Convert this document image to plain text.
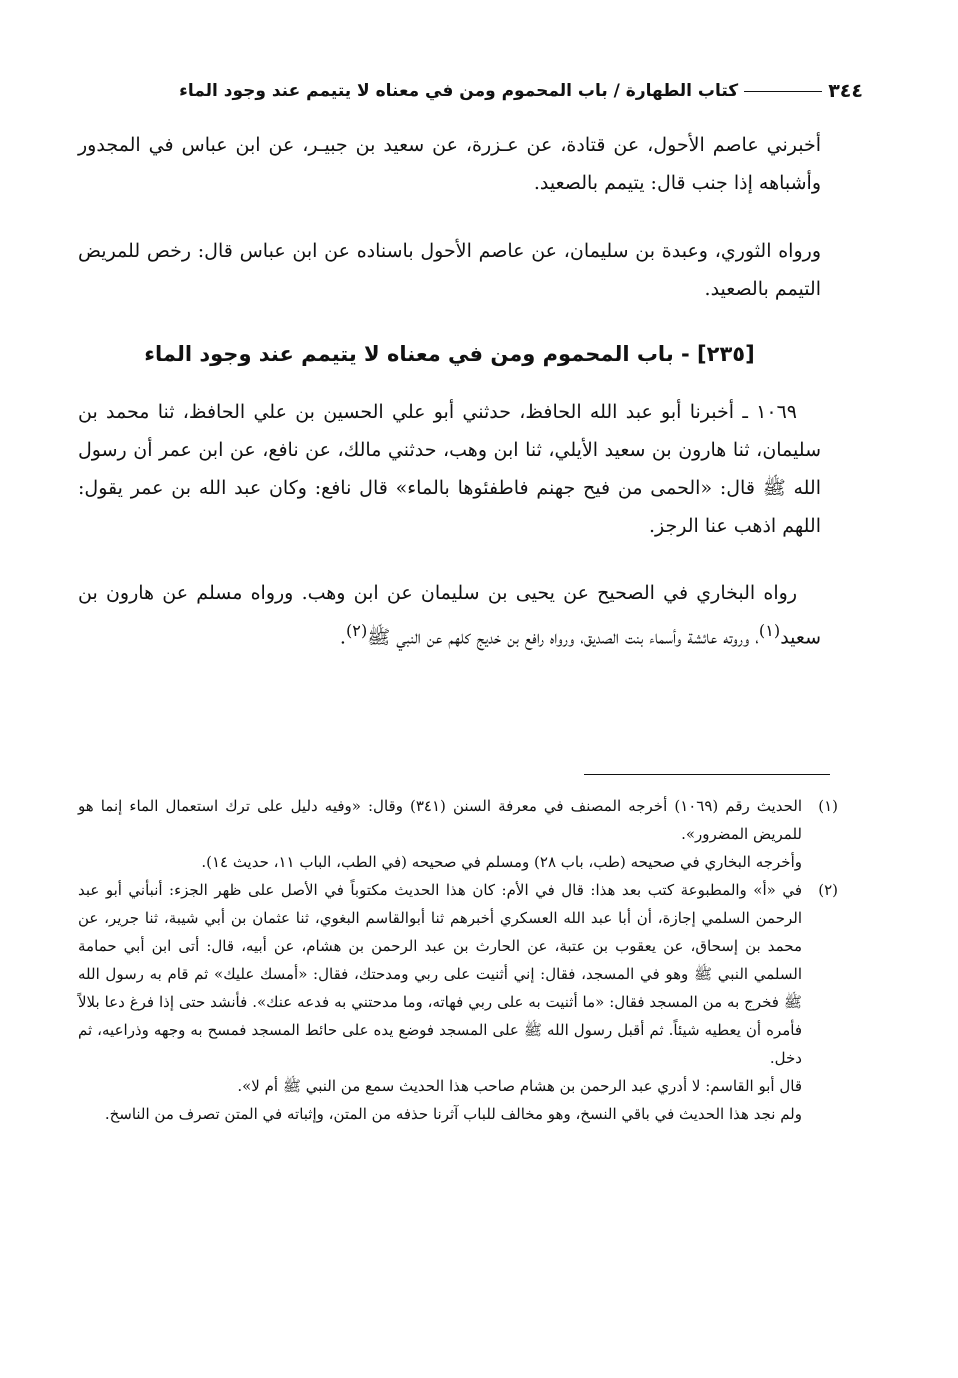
٣٤٤
كتاب الطهارة / باب المحموم ومن في معناه لا يتيمم عند وجود الماء

أخبرني عاصم الأحول، عن قتادة، عن عـزرة، عن سعيد بن جبيـر، عن ابن عباس في المجدور وأشباهه إذا جنب قال: يتيمم بالصعيد.

ورواه الثوري، وعبدة بن سليمان، عن عاصم الأحول باسناده عن ابن عباس قال: رخص للمريض التيمم بالصعيد.

[٢٣٥] - باب المحموم ومن في معناه لا يتيمم عند وجود الماء

١٠٦٩ ـ أخبرنا أبو عبد الله الحافظ، حدثني أبو علي الحسين بن علي الحافظ، ثنا محمد بن سليمان، ثنا هارون بن سعيد الأيلي، ثنا ابن وهب، حدثني مالك، عن نافع، عن ابن عمر أن رسول الله ﷺ قال: «الحمى من فيح جهنم فاطفئوها بالماء» قال نافع: وكان عبد الله بن عمر يقول: اللهم اذهب عنا الرجز.

رواه البخاري في الصحيح عن يحيى بن سليمان عن ابن وهب. ورواه مسلم عن هارون بن سعيد$^{(١)}$، وروته عائشة وأسماء بنت الصديق، ورواه رافع بن خديج كلهم عن النبي ﷺ$^{(٢)}$.

(١)
الحديث رقم (١٠٦٩) أخرجه المصنف في معرفة السنن (٣٤١) وقال: «وفيه دليل على ترك استعمال الماء إنما هو للمريض المضرور».

وأخرجه البخاري في صحيحه (طب، باب ٢٨) ومسلم في صحيحه (في الطب، الباب ١١، حديث ١٤).

(٢)
في «أ» والمطبوعة كتب بعد هذا: قال في الأم: كان هذا الحديث مكتوباً في الأصل على ظهر الجزء: أنبأني أبو عبد الرحمن السلمي إجازة، أن أبا عبد الله العسكري أخبرهم ثنا أبوالقاسم البغوي، ثنا عثمان بن أبي شيبة، ثنا جرير، عن محمد بن إسحاق، عن يعقوب بن عتبة، عن الحارث بن عبد الرحمن بن هشام، عن أبيه، قال: أتى ابن أبي حمامة السلمي النبي ﷺ وهو في المسجد، فقال: إني أثنيت على ربي ومدحتك، فقال: «أمسك عليك» ثم قام به رسول الله ﷺ فخرج به من المسجد فقال: «ما أثنيت به على ربي فهاته، وما مدحتني به فدعه عنك». فأنشد حتى إذا فرغ دعا بلالاً فأمره أن يعطيه شيئاً. ثم أقبل رسول الله ﷺ على المسجد فوضع يده على حائط المسجد فمسح به وجهه وذراعيه، ثم دخل.

قال أبو القاسم: لا أدري عبد الرحمن بن هشام صاحب هذا الحديث سمع من النبي ﷺ أم لا».

ولم نجد هذا الحديث في باقي النسخ، وهو مخالف للباب آثرنا حذفه من المتن، وإثباته في المتن تصرف من الناسخ.
